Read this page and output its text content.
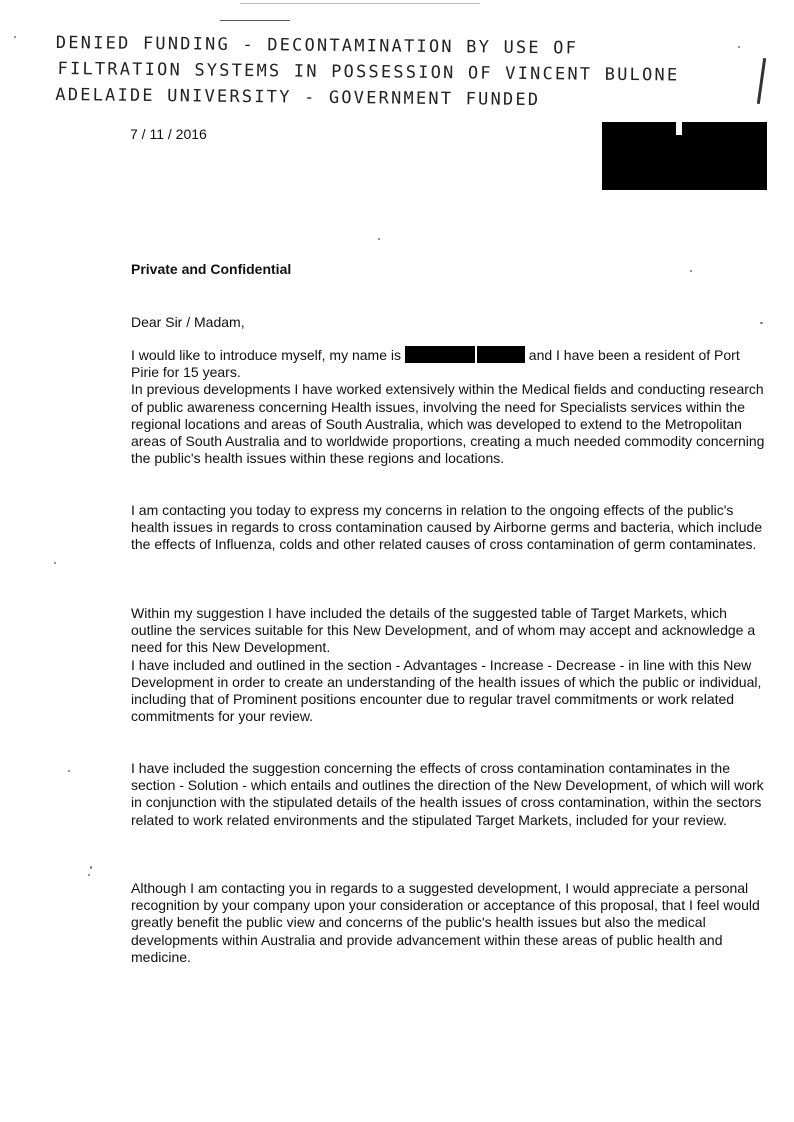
DENIED FUNDING - DECONTAMINATION BY USE OF
FILTRATION SYSTEMS IN POSSESSION OF VINCENT BULONE
ADELAIDE UNIVERSITY - GOVERNMENT FUNDED
7 / 11 / 2016
Private and Confidential
Dear Sir / Madam,

I would like to introduce myself, my name is	and I have been a resident of Port Pirie for 15 years.

In previous developments I have worked extensively within the Medical fields and conducting research of public awareness concerning Health issues, involving the need for Specialists services within the regional locations and areas of South Australia, which was developed to extend to the Metropolitan areas of South Australia and to worldwide proportions, creating a much needed commodity concerning the public's health issues within these regions and locations.

I am contacting you today to express my concerns in relation to the ongoing effects of the public's health issues in regards to cross contamination caused by Airborne germs and bacteria, which include the effects of Influenza, colds and other related causes of cross contamination of germ contaminates.

Within my suggestion I have included the details of the suggested table of Target Markets, which outline the services suitable for this New Development, and of whom may accept and acknowledge a need for this New Development.

I have included and outlined in the section - Advantages - Increase - Decrease - in line with this New Development in order to create an understanding of the health issues of which the public or individual, including that of Prominent positions encounter due to regular travel commitments or work related commitments for your review.

I have included the suggestion concerning the effects of cross contamination contaminates in the section - Solution - which entails and outlines the direction of the New Development, of which will work in conjunction with the stipulated details of the health issues of cross contamination, within the sectors related to work related environments and the stipulated Target Markets, included for your review.

Although I am contacting you in regards to a suggested development, I would appreciate a personal recognition by your company upon your consideration or acceptance of this proposal, that I feel would greatly benefit the public view and concerns of the public's health issues but also the medical developments within Australia and provide advancement within these areas of public health and medicine.
